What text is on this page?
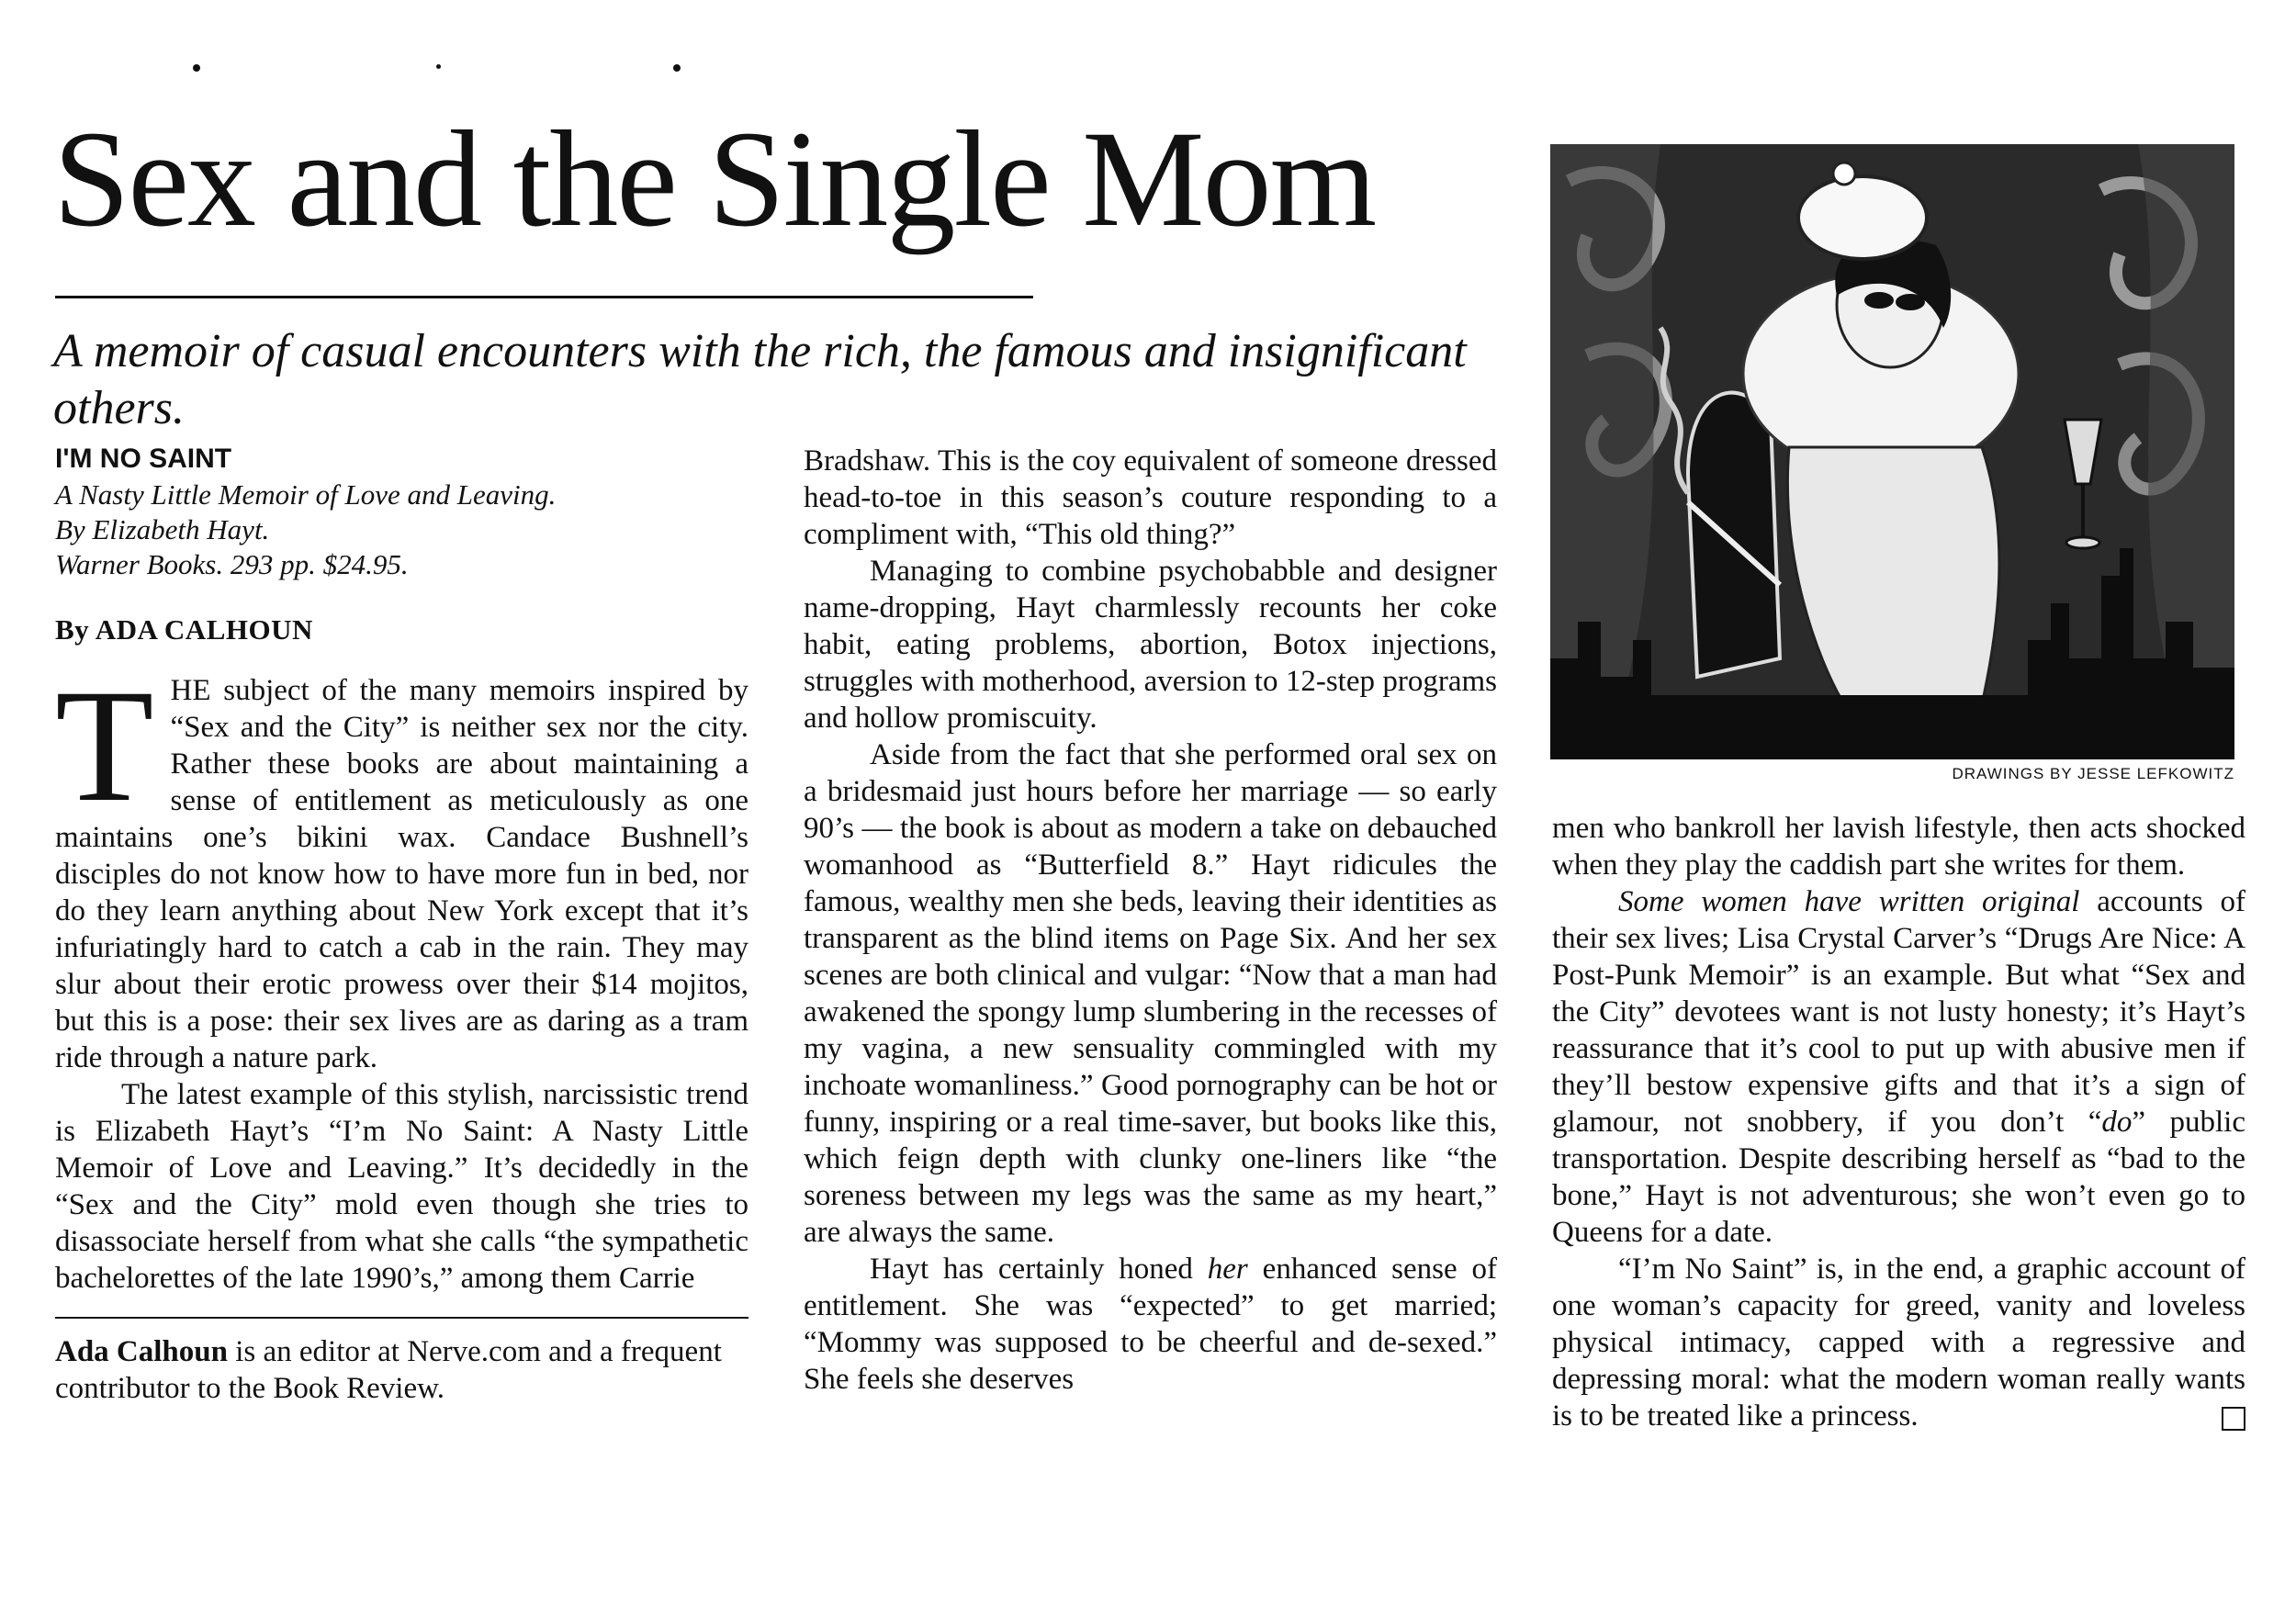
Sex and the Single Mom
A memoir of casual encounters with the rich, the famous and insignificant others.
I'M NO SAINT
A Nasty Little Memoir of Love and Leaving.
By Elizabeth Hayt.
Warner Books. 293 pp. $24.95.
By ADA CALHOUN

THE subject of the many memoirs inspired by “Sex and the City” is neither sex nor the city. Rather these books are about maintaining a sense of entitlement as meticulously as one maintains one’s bikini wax. Candace Bushnell’s disciples do not know how to have more fun in bed, nor do they learn anything about New York except that it’s infuriatingly hard to catch a cab in the rain. They may slur about their erotic prowess over their $14 mojitos, but this is a pose: their sex lives are as daring as a tram ride through a nature park.

The latest example of this stylish, narcissistic trend is Elizabeth Hayt’s “I’m No Saint: A Nasty Little Memoir of Love and Leaving.” It’s decidedly in the “Sex and the City” mold even though she tries to disassociate herself from what she calls “the sympathetic bachelorettes of the late 1990’s,” among them Carrie

Ada Calhoun is an editor at Nerve.com and a frequent contributor to the Book Review.

Bradshaw. This is the coy equivalent of someone dressed head-to-toe in this season’s couture responding to a compliment with, “This old thing?”

Managing to combine psychobabble and designer name-dropping, Hayt charmlessly recounts her coke habit, eating problems, abortion, Botox injections, struggles with motherhood, aversion to 12-step programs and hollow promiscuity.

Aside from the fact that she performed oral sex on a bridesmaid just hours before her marriage — so early 90’s — the book is about as modern a take on debauched womanhood as “Butterfield 8.” Hayt ridicules the famous, wealthy men she beds, leaving their identities as transparent as the blind items on Page Six. And her sex scenes are both clinical and vulgar: “Now that a man had awakened the spongy lump slumbering in the recesses of my vagina, a new sensuality commingled with my inchoate womanliness.” Good pornography can be hot or funny, inspiring or a real time-saver, but books like this, which feign depth with clunky one-liners like “the soreness between my legs was the same as my heart,” are always the same.

Hayt has certainly honed her enhanced sense of entitlement. She was “expected” to get married; “Mommy was supposed to be cheerful and de-sexed.” She feels she deserves

DRAWINGS BY JESSE LEFKOWITZ

men who bankroll her lavish lifestyle, then acts shocked when they play the caddish part she writes for them.

Some women have written original accounts of their sex lives; Lisa Crystal Carver’s “Drugs Are Nice: A Post-Punk Memoir” is an example. But what “Sex and the City” devotees want is not lusty honesty; it’s Hayt’s reassurance that it’s cool to put up with abusive men if they’ll bestow expensive gifts and that it’s a sign of glamour, not snobbery, if you don’t “do” public transportation. Despite describing herself as “bad to the bone,” Hayt is not adventurous; she won’t even go to Queens for a date.

“I’m No Saint” is, in the end, a graphic account of one woman’s capacity for greed, vanity and loveless physical intimacy, capped with a regressive and depressing moral: what the modern woman really wants is to be treated like a princess.
